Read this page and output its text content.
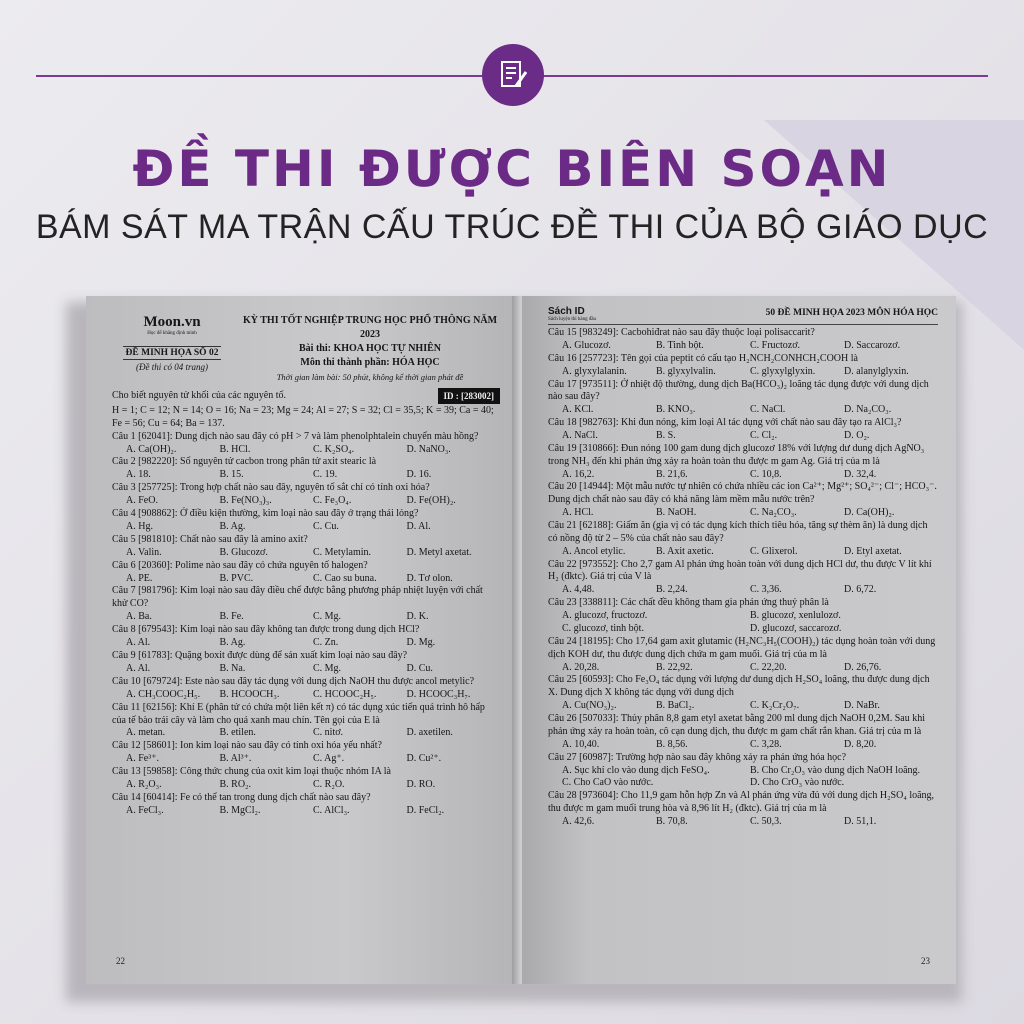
ĐỀ THI ĐƯỢC BIÊN SOẠN
BÁM SÁT MA TRẬN CẤU TRÚC ĐỀ THI CỦA BỘ GIÁO DỤC
Moon.vn
Học để khẳng định mình
ĐỀ MINH HỌA SỐ 02
(Đề thi có 04 trang)
KỲ THI TỐT NGHIỆP TRUNG HỌC PHỔ THÔNG NĂM 2023
Bài thi: KHOA HỌC TỰ NHIÊN
Môn thi thành phần: HÓA HỌC
Thời gian làm bài: 50 phút, không kể thời gian phát đề
Cho biết nguyên tử khối của các nguyên tố.	ID : [283002]
H = 1; C = 12; N = 14; O = 16; Na = 23; Mg = 24; Al = 27; S = 32; Cl = 35,5; K = 39; Ca = 40; Fe = 56; Cu = 64; Ba = 137.
Câu 1 [62041]: Dung dịch nào sau đây có pH > 7 và làm phenolphtalein chuyển màu hồng?
A. Ca(OH)₂.	B. HCl.	C. K₂SO₄.	D. NaNO₃.
Câu 2 [982220]: Số nguyên tử cacbon trong phân tử axit stearic là
A. 18.	B. 15.	C. 19.	D. 16.
Câu 3 [257725]: Trong hợp chất nào sau đây, nguyên tố sắt chỉ có tính oxi hóa?
A. FeO.	B. Fe(NO₃)₃.	C. Fe₃O₄.	D. Fe(OH)₂.
Câu 4 [908862]: Ở điều kiện thường, kim loại nào sau đây ở trạng thái lỏng?
A. Hg.	B. Ag.	C. Cu.	D. Al.
Câu 5 [981810]: Chất nào sau đây là amino axit?
A. Valin.	B. Glucozơ.	C. Metylamin.	D. Metyl axetat.
Câu 6 [20360]: Polime nào sau đây có chứa nguyên tố halogen?
A. PE.	B. PVC.	C. Cao su buna.	D. Tơ olon.
Câu 7 [981796]: Kim loại nào sau đây điều chế được bằng phương pháp nhiệt luyện với chất khử CO?
A. Ba.	B. Fe.	C. Mg.	D. K.
Câu 8 [679543]: Kim loại nào sau đây không tan được trong dung dịch HCl?
A. Al.	B. Ag.	C. Zn.	D. Mg.
Câu 9 [61783]: Quặng boxit được dùng để sản xuất kim loại nào sau đây?
A. Al.	B. Na.	C. Mg.	D. Cu.
Câu 10 [679724]: Este nào sau đây tác dụng với dung dịch NaOH thu được ancol metylic?
A. CH₃COOC₂H₅.	B. HCOOCH₃.	C. HCOOC₂H₅.	D. HCOOC₃H₇.
Câu 11 [62156]: Khí E (phân tử có chứa một liên kết π) có tác dụng xúc tiến quá trình hô hấp của tế bào trái cây và làm cho quả xanh mau chín. Tên gọi của E là
A. metan.	B. etilen.	C. nitơ.	D. axetilen.
Câu 12 [58601]: Ion kim loại nào sau đây có tính oxi hóa yếu nhất?
A. Fe³⁺.	B. Al³⁺.	C. Ag⁺.	D. Cu²⁺.
Câu 13 [59858]: Công thức chung của oxit kim loại thuộc nhóm IA là
A. R₂O₃.	B. RO₂.	C. R₂O.	D. RO.
Câu 14 [60414]: Fe có thể tan trong dung dịch chất nào sau đây?
A. FeCl₃.	B. MgCl₂.	C. AlCl₃.	D. FeCl₂.
22
Sách ID
Sách luyện thi hàng đầu
50 ĐỀ MINH HỌA 2023 MÔN HÓA HỌC
Câu 15 [983249]: Cacbohiđrat nào sau đây thuộc loại polisaccarit?
A. Glucozơ.	B. Tinh bột.	C. Fructozơ.	D. Saccarozơ.
Câu 16 [257723]: Tên gọi của peptit có cấu tạo H₂NCH₂CONHCH₂COOH là
A. glyxylalanin.	B. glyxylvalin.	C. glyxylglyxin.	D. alanylglyxin.
Câu 17 [973511]: Ở nhiệt độ thường, dung dịch Ba(HCO₃)₂ loãng tác dụng được với dung dịch nào sau đây?
A. KCl.	B. KNO₃.	C. NaCl.	D. Na₂CO₃.
Câu 18 [982763]: Khi đun nóng, kim loại Al tác dụng với chất nào sau đây tạo ra AlCl₃?
A. NaCl.	B. S.	C. Cl₂.	D. O₂.
Câu 19 [310866]: Đun nóng 100 gam dung dịch glucozơ 18% với lượng dư dung dịch AgNO₃ trong NH₃ đến khi phản ứng xảy ra hoàn toàn thu được m gam Ag. Giá trị của m là
A. 16,2.	B. 21,6.	C. 10,8.	D. 32,4.
Câu 20 [14944]: Một mẫu nước tự nhiên có chứa nhiều các ion Ca²⁺; Mg²⁺; SO₄²⁻; Cl⁻; HCO₃⁻. Dung dịch chất nào sau đây có khả năng làm mềm mẫu nước trên?
A. HCl.	B. NaOH.	C. Na₂CO₃.	D. Ca(OH)₂.
Câu 21 [62188]: Giấm ăn (gia vị có tác dụng kích thích tiêu hóa, tăng sự thèm ăn) là dung dịch có nồng độ từ 2 – 5% của chất nào sau đây?
A. Ancol etylic.	B. Axit axetic.	C. Glixerol.	D. Etyl axetat.
Câu 22 [973552]: Cho 2,7 gam Al phản ứng hoàn toàn với dung dịch HCl dư, thu được V lít khí H₂ (đktc). Giá trị của V là
A. 4,48.	B. 2,24.	C. 3,36.	D. 6,72.
Câu 23 [338811]: Các chất đều không tham gia phản ứng thuỷ phân là
A. glucozơ, fructozơ.	B. glucozơ, xenlulozơ.
C. glucozơ, tinh bột.	D. glucozơ, saccarozơ.
Câu 24 [18195]: Cho 17,64 gam axit glutamic (H₂NC₃H₅(COOH)₂) tác dụng hoàn toàn với dung dịch KOH dư, thu được dung dịch chứa m gam muối. Giá trị của m là
A. 20,28.	B. 22,92.	C. 22,20.	D. 26,76.
Câu 25 [60593]: Cho Fe₃O₄ tác dụng với lượng dư dung dịch H₂SO₄ loãng, thu được dung dịch X. Dung dịch X không tác dụng với dung dịch
A. Cu(NO₃)₂.	B. BaCl₂.	C. K₂Cr₂O₇.	D. NaBr.
Câu 26 [507033]: Thủy phân 8,8 gam etyl axetat bằng 200 ml dung dịch NaOH 0,2M. Sau khi phản ứng xảy ra hoàn toàn, cô cạn dung dịch, thu được m gam chất rắn khan. Giá trị của m là
A. 10,40.	B. 8,56.	C. 3,28.	D. 8,20.
Câu 27 [60987]: Trường hợp nào sau đây không xảy ra phản ứng hóa học?
A. Sục khí clo vào dung dịch FeSO₄.	B. Cho Cr₂O₃ vào dung dịch NaOH loãng.
C. Cho CaO vào nước.	D. Cho CrO₃ vào nước.
Câu 28 [973604]: Cho 11,9 gam hỗn hợp Zn và Al phản ứng vừa đủ với dung dịch H₂SO₄ loãng, thu được m gam muối trung hòa và 8,96 lít H₂ (đktc). Giá trị của m là
A. 42,6.	B. 70,8.	C. 50,3.	D. 51,1.
23
